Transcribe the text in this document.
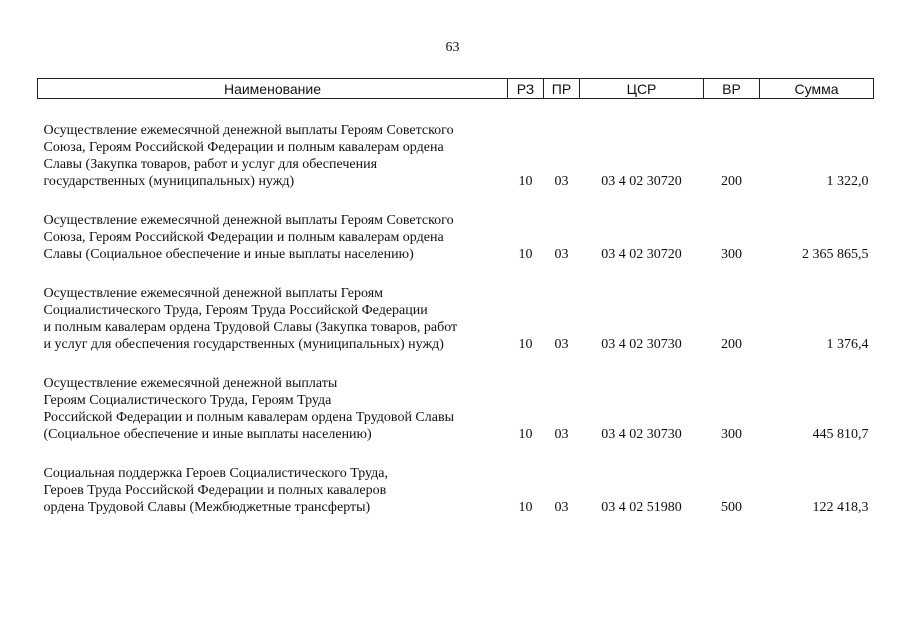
63
Наименование	РЗ	ПР	ЦСР	ВР	Сумма

Осуществление ежемесячной денежной выплаты Героям Советского
Союза, Героям Российской Федерации и полным кавалерам ордена
Славы (Закупка товаров, работ и услуг для обеспечения
государственных (муниципальных) нужд)	10	03	03 4 02 30720	200	1 322,0

Осуществление ежемесячной денежной выплаты Героям Советского
Союза, Героям Российской Федерации и полным кавалерам ордена
Славы (Социальное обеспечение и иные выплаты населению)	10	03	03 4 02 30720	300	2 365 865,5

Осуществление ежемесячной денежной выплаты Героям
Социалистического Труда, Героям Труда Российской Федерации
и полным кавалерам ордена Трудовой Славы (Закупка товаров, работ
и услуг для обеспечения государственных (муниципальных) нужд)	10	03	03 4 02 30730	200	1 376,4

Осуществление ежемесячной денежной выплаты
Героям Социалистического Труда, Героям Труда
Российской Федерации и полным кавалерам ордена Трудовой Славы
(Социальное обеспечение и иные выплаты населению)	10	03	03 4 02 30730	300	445 810,7

Социальная поддержка Героев Социалистического Труда,
Героев Труда Российской Федерации и полных кавалеров
ордена Трудовой Славы (Межбюджетные трансферты)	10	03	03 4 02 51980	500	122 418,3
